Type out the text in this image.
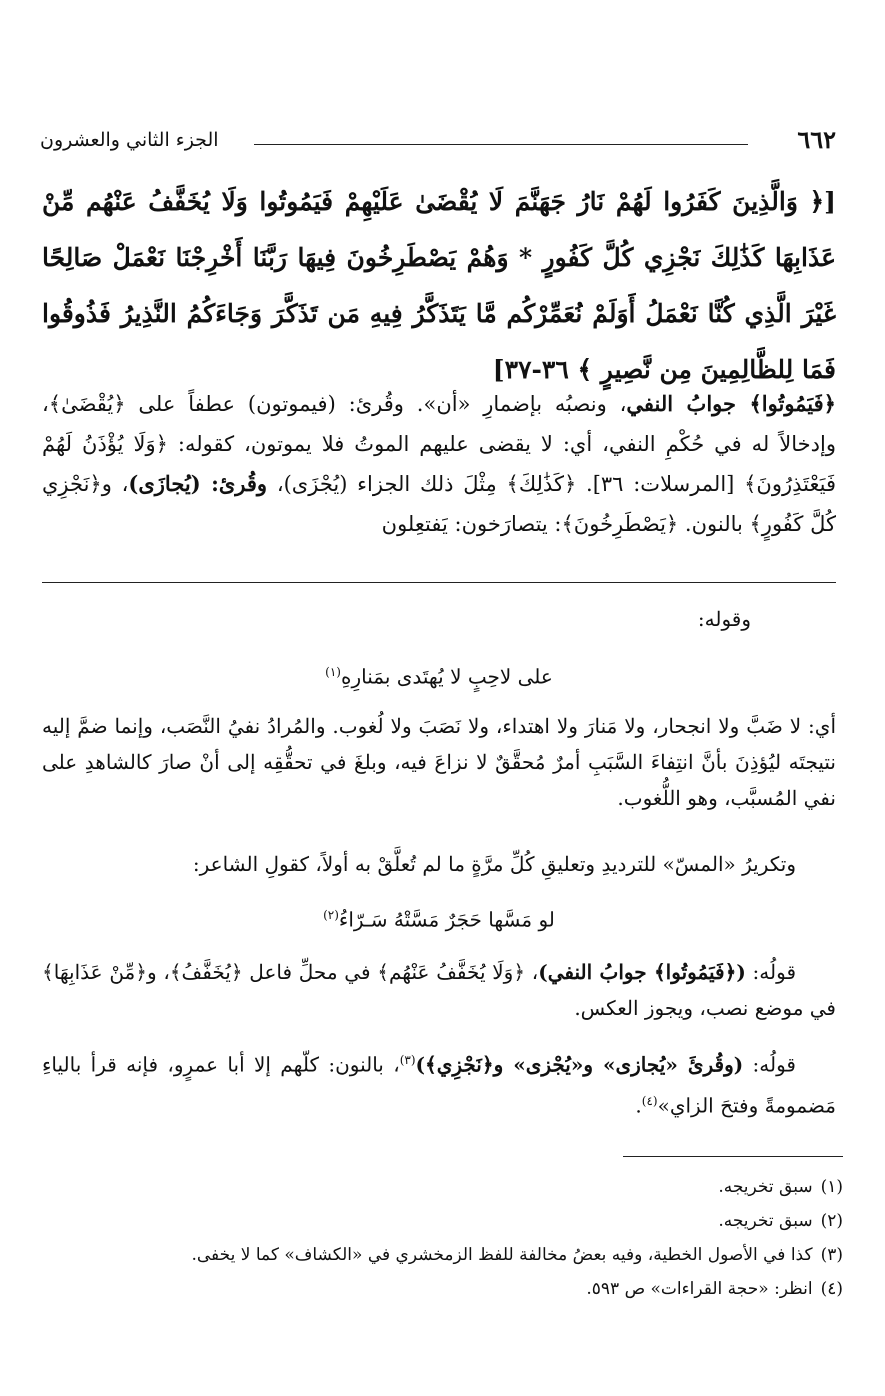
٦٦٢
الجزء الثاني والعشرون
[﴿ وَالَّذِينَ كَفَرُوا لَهُمْ نَارُ جَهَنَّمَ لَا يُقْضَىٰ عَلَيْهِمْ فَيَمُوتُوا وَلَا يُخَفَّفُ عَنْهُم مِّنْ عَذَابِهَا كَذَٰلِكَ نَجْزِي كُلَّ كَفُورٍ * وَهُمْ يَصْطَرِخُونَ فِيهَا رَبَّنَا أَخْرِجْنَا نَعْمَلْ صَالِحًا غَيْرَ الَّذِي كُنَّا نَعْمَلُ أَوَلَمْ نُعَمِّرْكُم مَّا يَتَذَكَّرُ فِيهِ مَن تَذَكَّرَ وَجَاءَكُمُ النَّذِيرُ فَذُوقُوا فَمَا لِلظَّالِمِينَ مِن نَّصِيرٍ ﴾ ٣٦-٣٧]
﴿فَيَمُوتُوا﴾ جوابُ النفي، ونصبُه بإضمارِ «أن». وقُرئ: (فيموتون) عطفاً على ﴿يُقْضَىٰ﴾، وإدخالاً له في حُكْمِ النفي، أي: لا يقضى عليهم الموتُ فلا يموتون، كقوله: ﴿وَلَا يُؤْذَنُ لَهُمْ فَيَعْتَذِرُونَ﴾ [المرسلات: ٣٦]. ﴿كَذَٰلِكَ﴾ مِثْلَ ذلك الجزاء (يُجْزَى)، وقُرئ: (يُجازَى)، و﴿نَجْزِي كُلَّ كَفُورٍ﴾ بالنون. ﴿يَصْطَرِخُونَ﴾: يتصارَخون: يَفتعِلون
وقوله:
على لاحِبٍ لا يُهتَدى بمَنارِهِ$^{(١)}$
أي: لا ضَبَّ ولا انجحار، ولا مَنارَ ولا اهتداء، ولا نَصَبَ ولا لُغوب. والمُرادُ نفيُ النَّصَب، وإنما ضمَّ إليه نتيجتَه ليُؤذِنَ بأنَّ انتِفاءَ السَّبَبِ أمرٌ مُحقَّقٌ لا نزاعَ فيه، وبلغَ في تحقُّقِه إلى أنْ صارَ كالشاهدِ على نفي المُسبَّب، وهو اللُّغوب.
وتكريرُ «المسّ» للترديدِ وتعليقِ كُلِّ مرَّةٍ ما لم تُعلَّقْ به أولاً، كقولِ الشاعر:
لو مَسَّها حَجَرٌ مَسَّتْهُ سَـرّاءُ$^{(٢)}$
قولُه: (﴿فَيَمُوتُوا﴾ جوابُ النفي)، ﴿وَلَا يُخَفَّفُ عَنْهُم﴾ في محلِّ فاعل ﴿يُخَفَّفُ﴾، و﴿مِّنْ عَذَابِهَا﴾ في موضع نصب، ويجوز العكس.
قولُه: (وقُرئَ «يُجازى» و«يُجْزى» و﴿نَجْزِي﴾)$^{(٣)}$، بالنون: كلّهم إلا أبا عمرٍو، فإنه قرأ بالياءِ مَضمومةً وفتحَ الزاي»$^{(٤)}$.
(١)سبق تخريجه.
(٢)سبق تخريجه.
(٣)كذا في الأصول الخطية، وفيه بعضُ مخالفة للفظ الزمخشري في «الكشاف» كما لا يخفى.
(٤)انظر: «حجة القراءات» ص ٥٩٣.
